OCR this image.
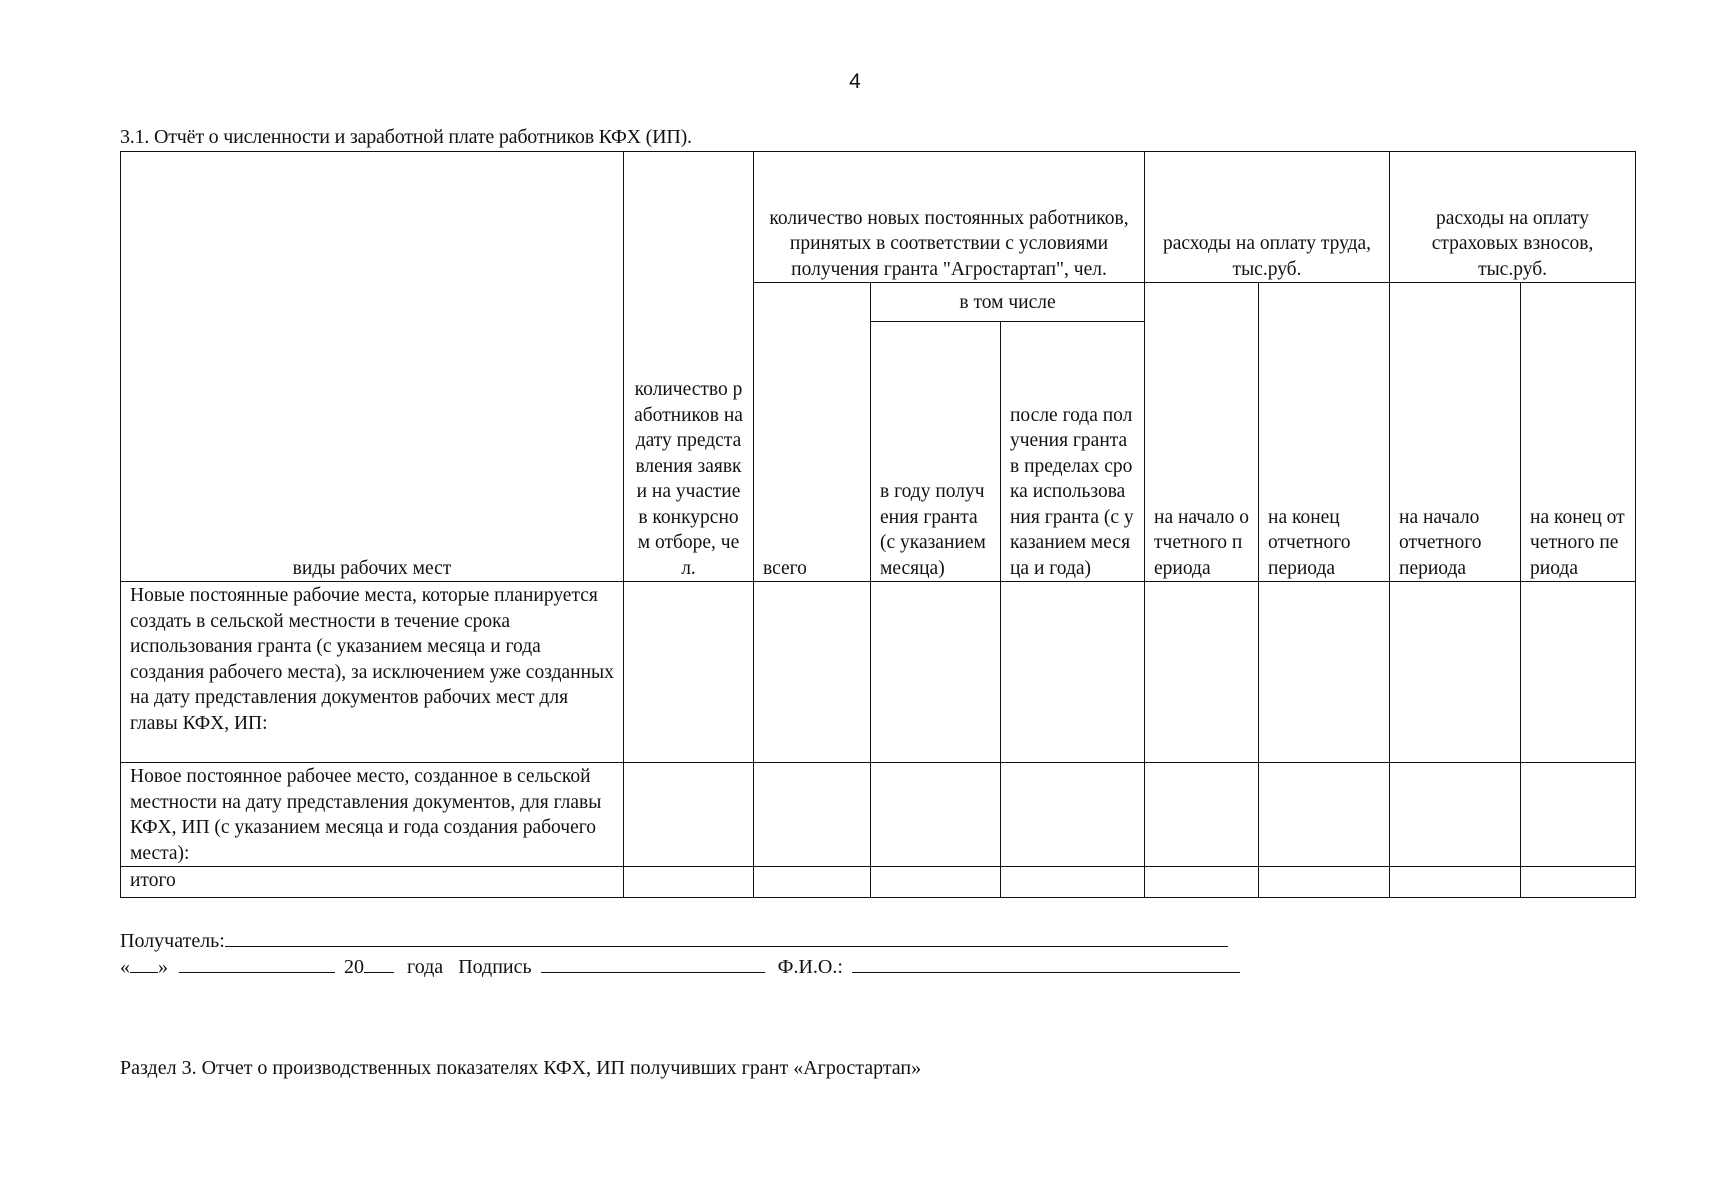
4
3.1. Отчёт о численности и заработной плате работников КФХ (ИП).
виды рабочих мест	количество работников на дату представления заявки на участие в конкурсном отборе, чел.	количество новых постоянных работников, принятых в соответствии с условиями получения гранта "Агростартап", чел.			расходы на оплату труда, тыс.руб.		расходы на оплату страховых взносов, тыс.руб.	
		всего	в том числе		на начало отчетного периода	на конец отчетного периода	на начало отчетного периода	на конец отчетного периода
			в году получения гранта (с указанием месяца)	после года получения гранта в пределах срока использования гранта (с указанием месяца и года)				
Новые постоянные рабочие места, которые планируется создать в сельской местности в течение срока использования гранта (с указанием месяца и года создания рабочего места), за исключением уже созданных на дату представления документов рабочих мест для главы КФХ, ИП:								
Новое постоянное рабочее место, созданное в сельской местности на дату представления документов, для главы КФХ, ИП (с указанием месяца и года создания рабочего места):								
итого								
Получатель:
« »	20 года Подпись	Ф.И.О.:
Раздел 3. Отчет о производственных показателях КФХ, ИП получивших грант «Агростартап»
